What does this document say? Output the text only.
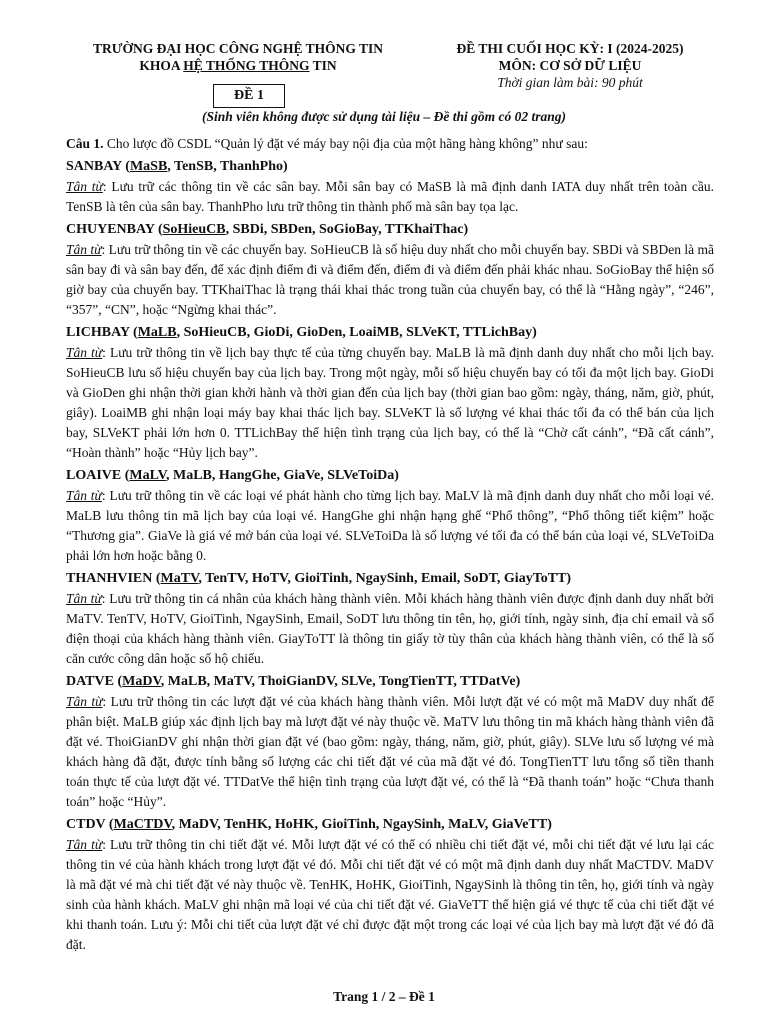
TRƯỜNG ĐẠI HỌC CÔNG NGHỆ THÔNG TIN
KHOA HỆ THỐNG THÔNG TIN
ĐỀ THI CUỐI HỌC KỲ: I (2024-2025)
MÔN: CƠ SỞ DỮ LIỆU
Thời gian làm bài: 90 phút
ĐỀ 1
(Sinh viên không được sử dụng tài liệu – Đề thi gồm có 02 trang)

Câu 1. Cho lược đồ CSDL “Quản lý đặt vé máy bay nội địa của một hãng hàng không” như sau:

SANBAY (MaSB, TenSB, ThanhPho)

Tân từ: Lưu trữ các thông tin về các sân bay. Mỗi sân bay có MaSB là mã định danh IATA duy nhất trên toàn cầu. TenSB là tên của sân bay. ThanhPho lưu trữ thông tin thành phố mà sân bay tọa lạc.

CHUYENBAY (SoHieuCB, SBDi, SBDen, SoGioBay, TTKhaiThac)

Tân từ: Lưu trữ thông tin về các chuyến bay. SoHieuCB là số hiệu duy nhất cho mỗi chuyến bay. SBDi và SBDen là mã sân bay đi và sân bay đến, để xác định điểm đi và điểm đến, điểm đi và điểm đến phải khác nhau. SoGioBay thể hiện số giờ bay của chuyến bay. TTKhaiThac là trạng thái khai thác trong tuần của chuyến bay, có thể là “Hằng ngày”, “246”, “357”, “CN”, hoặc “Ngừng khai thác”.

LICHBAY (MaLB, SoHieuCB, GioDi, GioDen, LoaiMB, SLVeKT, TTLichBay)

Tân từ: Lưu trữ thông tin về lịch bay thực tế của từng chuyến bay. MaLB là mã định danh duy nhất cho mỗi lịch bay. SoHieuCB lưu số hiệu chuyến bay của lịch bay. Trong một ngày, mỗi số hiệu chuyến bay có tối đa một lịch bay. GioDi và GioDen ghi nhận thời gian khởi hành và thời gian đến của lịch bay (thời gian bao gồm: ngày, tháng, năm, giờ, phút, giây). LoaiMB ghi nhận loại máy bay khai thác lịch bay. SLVeKT là số lượng vé khai thác tối đa có thể bán của lịch bay, SLVeKT phải lớn hơn 0. TTLichBay thể hiện tình trạng của lịch bay, có thể là “Chờ cất cánh”, “Đã cất cánh”, “Hoàn thành” hoặc “Hủy lịch bay”.

LOAIVE (MaLV, MaLB, HangGhe, GiaVe, SLVeToiDa)

Tân từ: Lưu trữ thông tin về các loại vé phát hành cho từng lịch bay. MaLV là mã định danh duy nhất cho mỗi loại vé. MaLB lưu thông tin mã lịch bay của loại vé. HangGhe ghi nhận hạng ghế “Phổ thông”, “Phổ thông tiết kiệm” hoặc “Thương gia”. GiaVe là giá vé mở bán của loại vé. SLVeToiDa là số lượng vé tối đa có thể bán của loại vé, SLVeToiDa phải lớn hơn hoặc bằng 0.

THANHVIEN (MaTV, TenTV, HoTV, GioiTinh, NgaySinh, Email, SoDT, GiayToTT)

Tân từ: Lưu trữ thông tin cá nhân của khách hàng thành viên. Mỗi khách hàng thành viên được định danh duy nhất bởi MaTV. TenTV, HoTV, GioiTinh, NgaySinh, Email, SoDT lưu thông tin tên, họ, giới tính, ngày sinh, địa chỉ email và số điện thoại của khách hàng thành viên. GiayToTT là thông tin giấy tờ tùy thân của khách hàng thành viên, có thể là số căn cước công dân hoặc số hộ chiếu.

DATVE (MaDV, MaLB, MaTV, ThoiGianDV, SLVe, TongTienTT, TTDatVe)

Tân từ: Lưu trữ thông tin các lượt đặt vé của khách hàng thành viên. Mỗi lượt đặt vé có một mã MaDV duy nhất để phân biệt. MaLB giúp xác định lịch bay mà lượt đặt vé này thuộc về. MaTV lưu thông tin mã khách hàng thành viên đã đặt vé. ThoiGianDV ghi nhận thời gian đặt vé (bao gồm: ngày, tháng, năm, giờ, phút, giây). SLVe lưu số lượng vé mà khách hàng đã đặt, được tính bằng số lượng các chi tiết đặt vé của mã đặt vé đó. TongTienTT lưu tổng số tiền thanh toán thực tế của lượt đặt vé. TTDatVe thể hiện tình trạng của lượt đặt vé, có thể là “Đã thanh toán” hoặc “Chưa thanh toán” hoặc “Hủy”.

CTDV (MaCTDV, MaDV, TenHK, HoHK, GioiTinh, NgaySinh, MaLV, GiaVeTT)

Tân từ: Lưu trữ thông tin chi tiết đặt vé. Mỗi lượt đặt vé có thể có nhiều chi tiết đặt vé, mỗi chi tiết đặt vé lưu lại các thông tin vé của hành khách trong lượt đặt vé đó. Mỗi chi tiết đặt vé có một mã định danh duy nhất MaCTDV. MaDV là mã đặt vé mà chi tiết đặt vé này thuộc về. TenHK, HoHK, GioiTinh, NgaySinh là thông tin tên, họ, giới tính và ngày sinh của hành khách. MaLV ghi nhận mã loại vé của chi tiết đặt vé. GiaVeTT thể hiện giá vé thực tế của chi tiết đặt vé khi thanh toán. Lưu ý: Mỗi chi tiết của lượt đặt vé chỉ được đặt một trong các loại vé của lịch bay mà lượt đặt vé đó đã đặt.

Trang 1 / 2 – Đề 1
